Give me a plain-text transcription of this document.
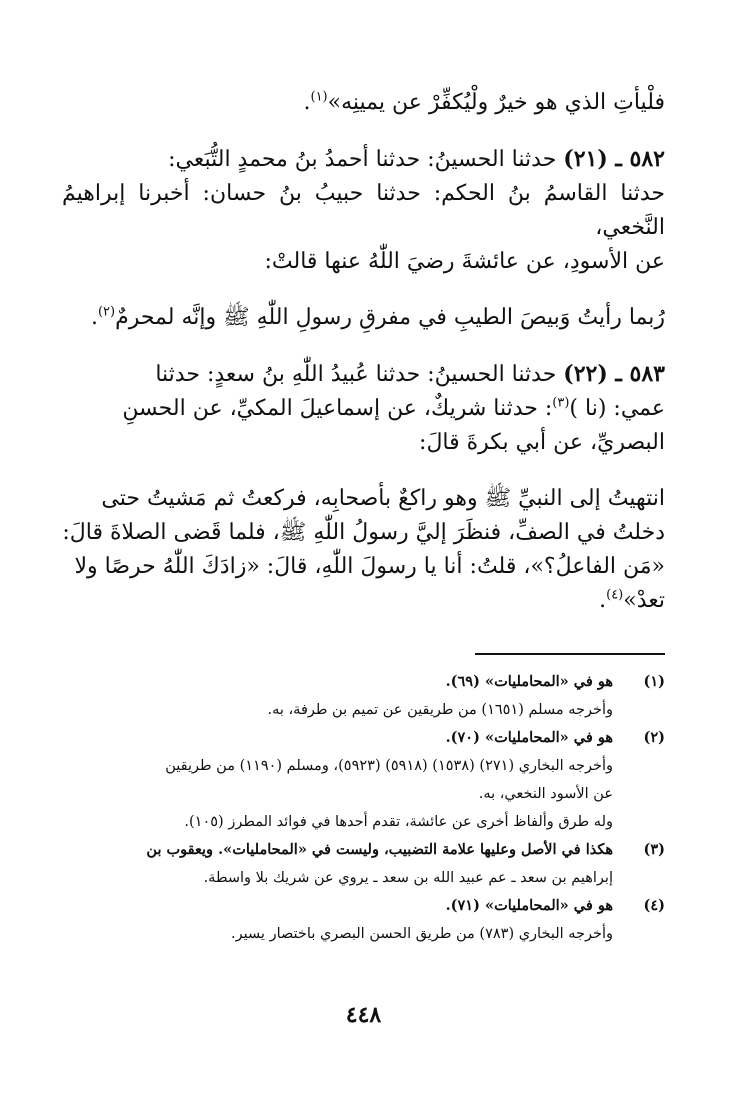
فلْيأتِ الذي هو خيرٌ ولْيُكفِّرْ عن يمينِه»$^{(١)}$.

٥٨٢ ـ (٢١) حدثنا الحسينُ: حدثنا أحمدُ بنُ محمدٍ التُّبَعي:

حدثنا القاسمُ بنُ الحكم: حدثنا حبيبُ بنُ حسان: أخبرنا إبراهيمُ النَّخعي،

عن الأسودِ، عن عائشةَ رضيَ اللّٰهُ عنها قالتْ:

رُبما رأيتُ وَبيصَ الطيبِ في مفرقِ رسولِ اللّٰهِ ﷺ وإنَّه لمحرمٌ$^{(٢)}$.

٥٨٣ ـ (٢٢) حدثنا الحسينُ: حدثنا عُبيدُ اللّٰهِ بنُ سعدٍ: حدثنا

عمي: (نا )$^{(٣)}$: حدثنا شريكٌ، عن إسماعيلَ المكيِّ، عن الحسنِ

البصريِّ، عن أبي بكرةَ قالَ:

انتهيتُ إلى النبيِّ ﷺ وهو راكعٌ بأصحابِه، فركعتُ ثم مَشيتُ حتى

دخلتُ في الصفِّ، فنظَرَ إليَّ رسولُ اللّٰهِ ﷺ، فلما قَضى الصلاةَ قالَ:

«مَن الفاعلُ؟»، قلتُ: أنا يا رسولَ اللّٰهِ، قالَ: «زادَكَ اللّٰهُ حرصًا ولا

تعدْ»$^{(٤)}$.

(١)
هو في «المحامليات» (٦٩).
وأخرجه مسلم (١٦٥١) من طريقين عن تميم بن طرفة، به.
(٢)
هو في «المحامليات» (٧٠).
وأخرجه البخاري (٢٧١) (١٥٣٨) (٥٩١٨) (٥٩٢٣)، ومسلم (١١٩٠) من طريقين
عن الأسود النخعي، به.
وله طرق وألفاظ أخرى عن عائشة، تقدم أحدها في فوائد المطرز (١٠٥).
(٣)
هكذا في الأصل وعليها علامة التضبيب، وليست في «المحامليات». ويعقوب بن
إبراهيم بن سعد ـ عم عبيد الله بن سعد ـ يروي عن شريك بلا واسطة.
(٤)
هو في «المحامليات» (٧١).
وأخرجه البخاري (٧٨٣) من طريق الحسن البصري باختصار يسير.
٤٤٨
